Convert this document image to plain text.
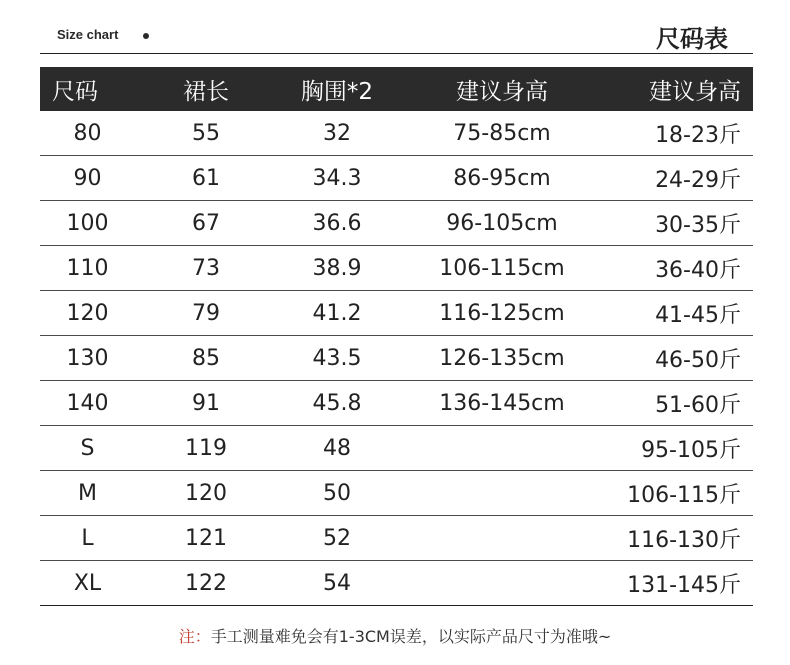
Size chart	尺码表
尺码	裙长	胸围*2	建议身高	建议身高
80	55	32	75-85cm	18-23斤
90	61	34.3	86-95cm	24-29斤
100	67	36.6	96-105cm	30-35斤
110	73	38.9	106-115cm	36-40斤
120	79	41.2	116-125cm	41-45斤
130	85	43.5	126-135cm	46-50斤
140	91	45.8	136-145cm	51-60斤
S	119	48		95-105斤
M	120	50		106-115斤
L	121	52		116-130斤
XL	122	54		131-145斤
注：手工测量难免会有1-3CM误差，以实际产品尺寸为准哦~
